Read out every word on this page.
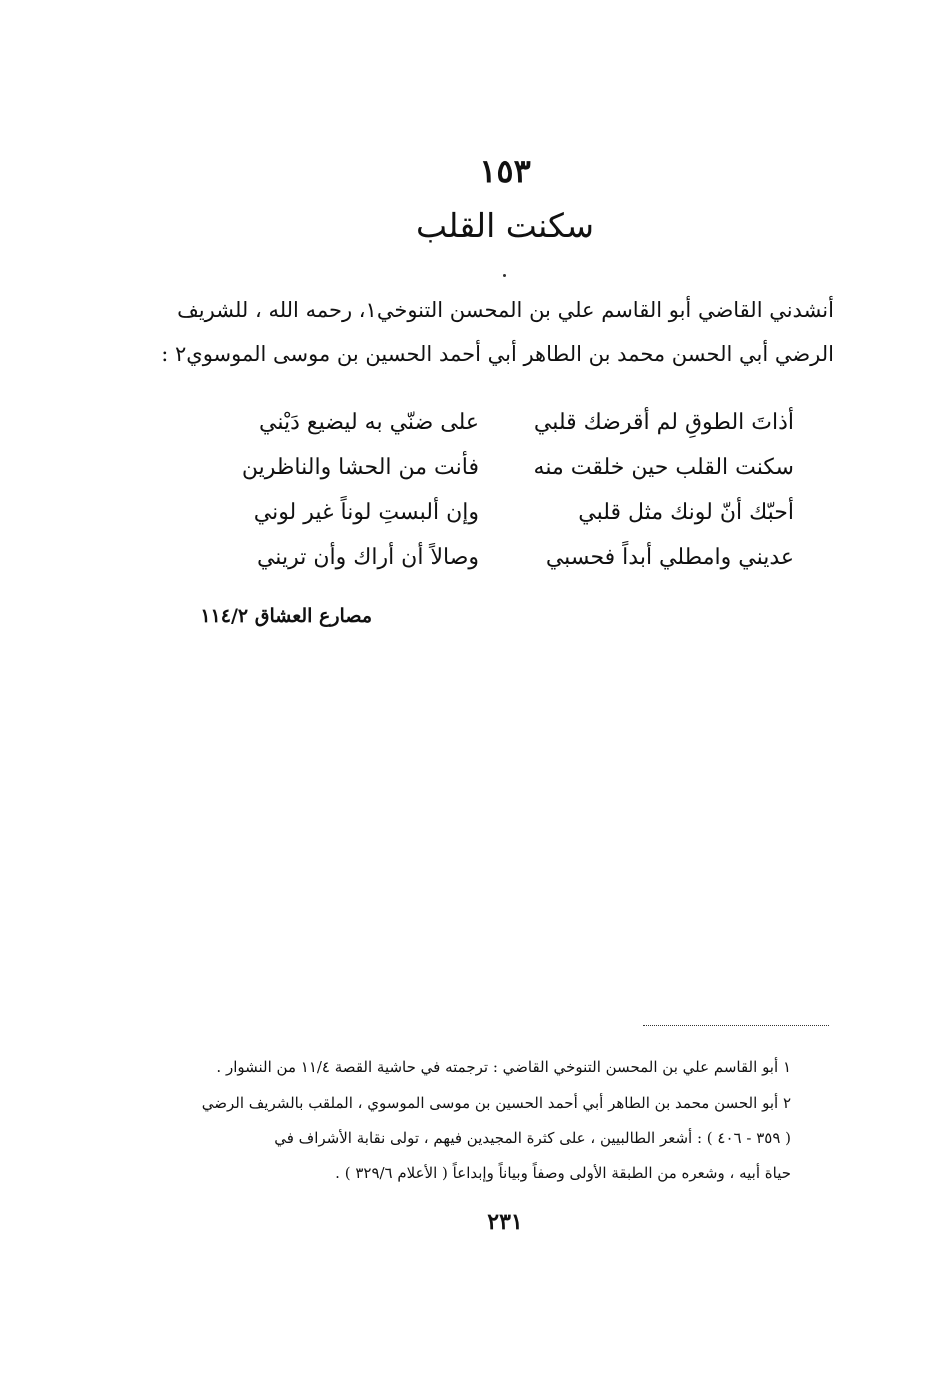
١٥٣
سكنت القلب
أنشدني القاضي أبو القاسم علي بن المحسن التنوخي١، رحمه الله ، للشريف
الرضي أبي الحسن محمد بن الطاهر أبي أحمد الحسين بن موسى الموسوي٢ :
أذاتَ الطوقِ لم أقرضك قلبي
على ضنّي به ليضيع دَيْني
سكنت القلب حين خلقت منه
فأنت من الحشا والناظرين
أحبّك أنّ لونك مثل قلبي
وإن ألبستِ لوناً غير لوني
عديني وامطلي أبداً فحسبي
وصالاً أن أراك وأن تريني
مصارع العشاق ١١٤/٢
١ أبو القاسم علي بن المحسن التنوخي القاضي : ترجمته في حاشية القصة ١١/٤ من النشوار .
٢ أبو الحسن محمد بن الطاهر أبي أحمد الحسين بن موسى الموسوي ، الملقب بالشريف الرضي
( ٣٥٩ - ٤٠٦ ) : أشعر الطالبيين ، على كثرة المجيدين فيهم ، تولى نقابة الأشراف في
حياة أبيه ، وشعره من الطبقة الأولى وصفاً وبياناً وإبداعاً ( الأعلام ٣٢٩/٦ ) .
٢٣١
